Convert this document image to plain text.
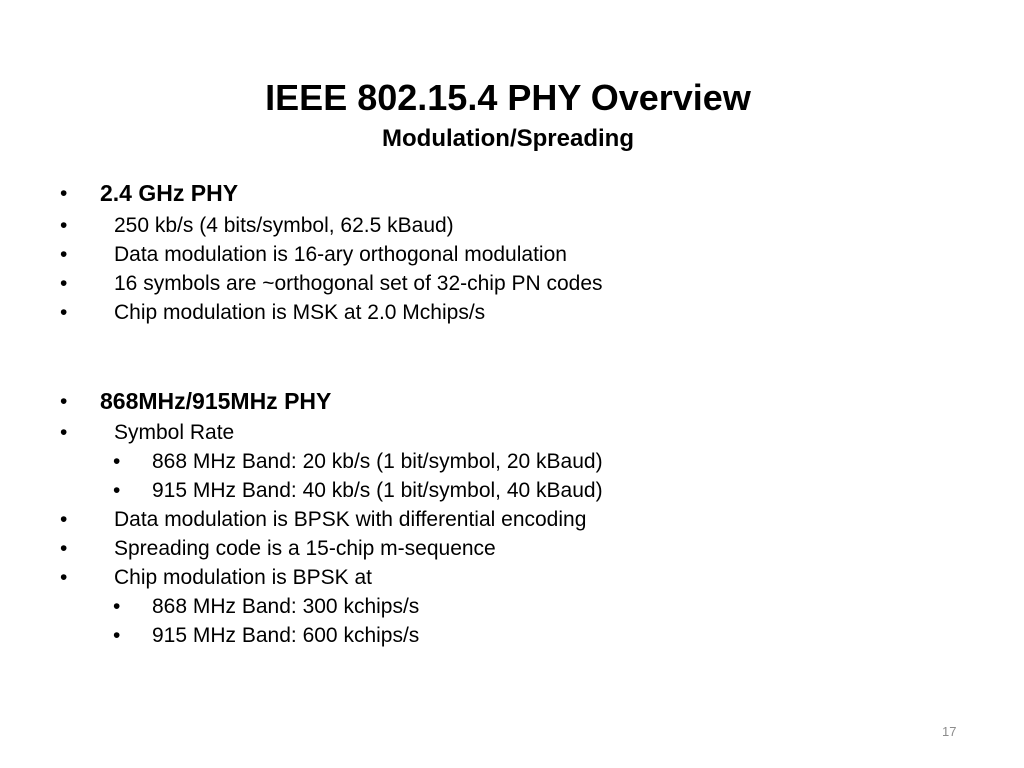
IEEE 802.15.4 PHY Overview
Modulation/Spreading
• 2.4 GHz PHY
• 250 kb/s (4 bits/symbol, 62.5 kBaud)
• Data modulation is 16-ary orthogonal modulation
• 16 symbols are ~orthogonal set of 32-chip PN codes
• Chip modulation is MSK at 2.0 Mchips/s
• 868MHz/915MHz PHY
• Symbol Rate
• 868 MHz Band: 20 kb/s (1 bit/symbol, 20 kBaud)
• 915 MHz Band: 40 kb/s (1 bit/symbol, 40 kBaud)
• Data modulation is BPSK with differential encoding
• Spreading code is a 15-chip m-sequence
• Chip modulation is BPSK at
• 868 MHz Band: 300 kchips/s
• 915 MHz Band: 600 kchips/s
17
